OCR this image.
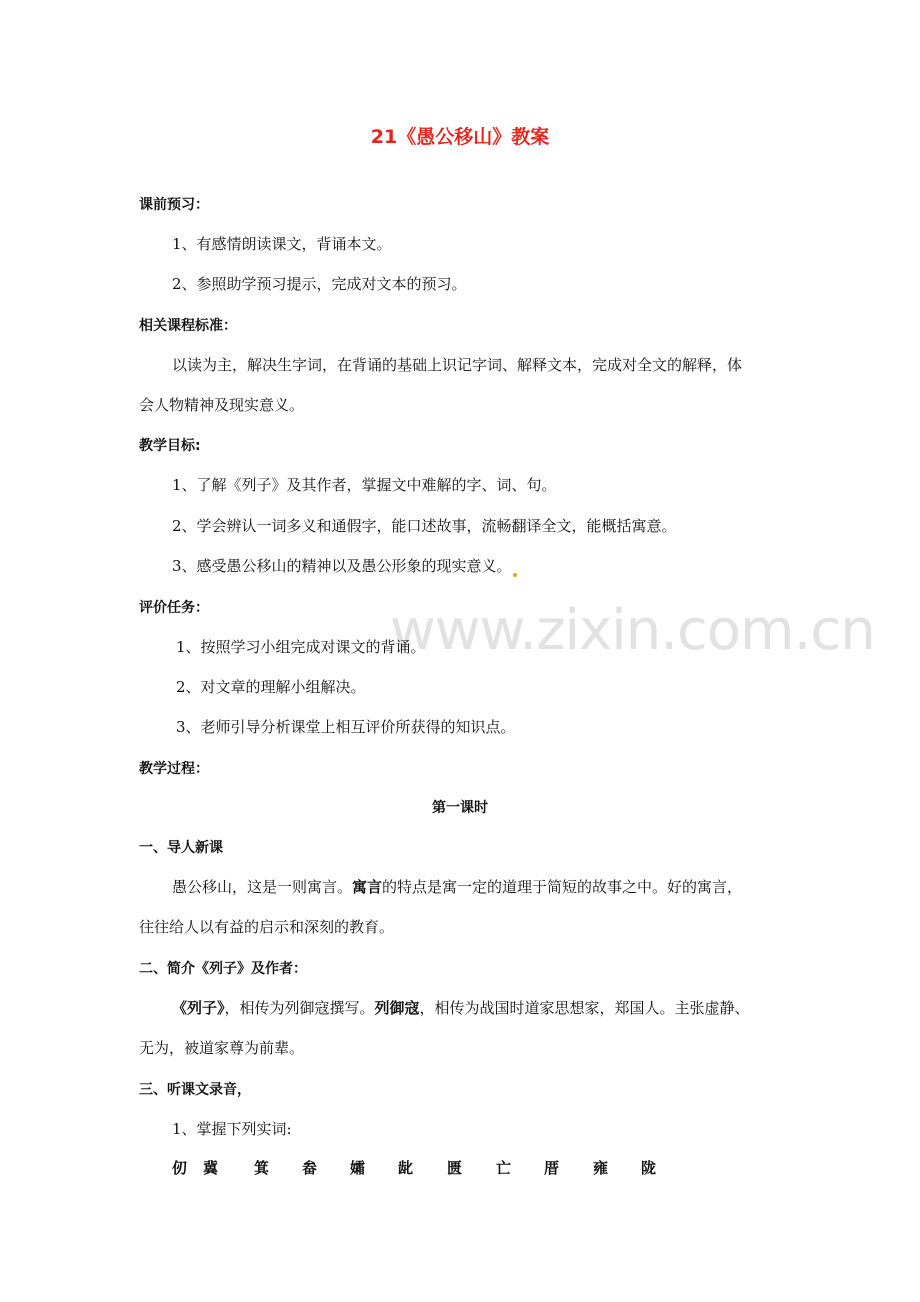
www.zixin.com.cn
21《愚公移山》教案
课前预习：
1、有感情朗读课文，背诵本文。
2、参照助学预习提示，完成对文本的预习。
相关课程标准：
以读为主，解决生字词，在背诵的基础上识记字词、解释文本，完成对全文的解释，体
会人物精神及现实意义。
教学目标:
1、了解《列子》及其作者，掌握文中难解的字、词、句。
2、学会辨认一词多义和通假字，能口述故事，流畅翻译全文，能概括寓意。
3、感受愚公移山的精神以及愚公形象的现实意义。
评价任务：
1、按照学习小组完成对课文的背诵。
2、对文章的理解小组解决。
3、老师引导分析课堂上相互评价所获得的知识点。
教学过程：
第一课时
一、导人新课
愚公移山，这是一则寓言。寓言的特点是寓一定的道理于简短的故事之中。好的寓言，
往往给人以有益的启示和深刻的教育。
二、简介《列子》及作者：
《列子》，相传为列御寇撰写。列御寇，相传为战国时道家思想家，郑国人。主张虚静、
无为，被道家尊为前辈。
三、听课文录音，
1、掌握下列实词:
仞 冀 箕 畚 孀 龀 匮 亡 厝 雍 陇
